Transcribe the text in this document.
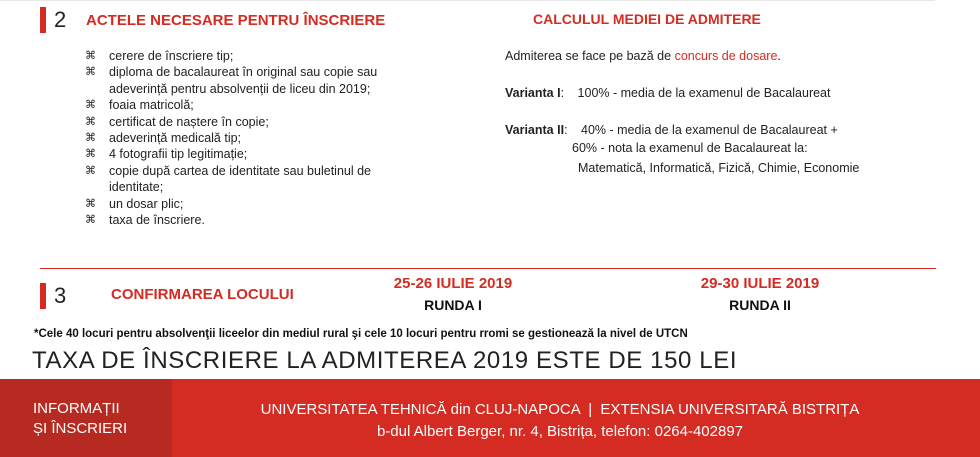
2 ACTELE NECESARE PENTRU ÎNSCRIERE
⌘ cerere de înscriere tip;
⌘ diploma de bacalaureat în original sau copie sau adeverință pentru absolvenții de liceu din 2019;
⌘ foaia matricolă;
⌘ certificat de naștere în copie;
⌘ adeverință medicală tip;
⌘ 4 fotografii tip legitimație;
⌘ copie după cartea de identitate sau buletinul de identitate;
⌘ un dosar plic;
⌘ taxa de înscriere.
CALCULUL MEDIEI DE ADMITERE
Admiterea se face pe bază de concurs de dosare.
Varianta I: 100% - media de la examenul de Bacalaureat
Varianta II: 40% - media de la examenul de Bacalaureat +
60% - nota la examenul de Bacalaureat la:
Matematică, Informatică, Fizică, Chimie, Economie
3	CONFIRMAREA LOCULUI
25-26 IULIE 2019
RUNDA I
29-30 IULIE 2019
RUNDA II
*Cele 40 locuri pentru absolvenţii liceelor din mediul rural şi cele 10 locuri pentru rromi se gestionează la nivel de UTCN
TAXA DE ÎNSCRIERE LA ADMITEREA 2019 ESTE DE 150 LEI
INFORMAȚII
ȘI ÎNSCRIERI
UNIVERSITATEA TEHNICĂ din CLUJ-NAPOCA  |  EXTENSIA UNIVERSITARĂ BISTRIȚA
b-dul Albert Berger, nr. 4, Bistrița, telefon: 0264-402897
